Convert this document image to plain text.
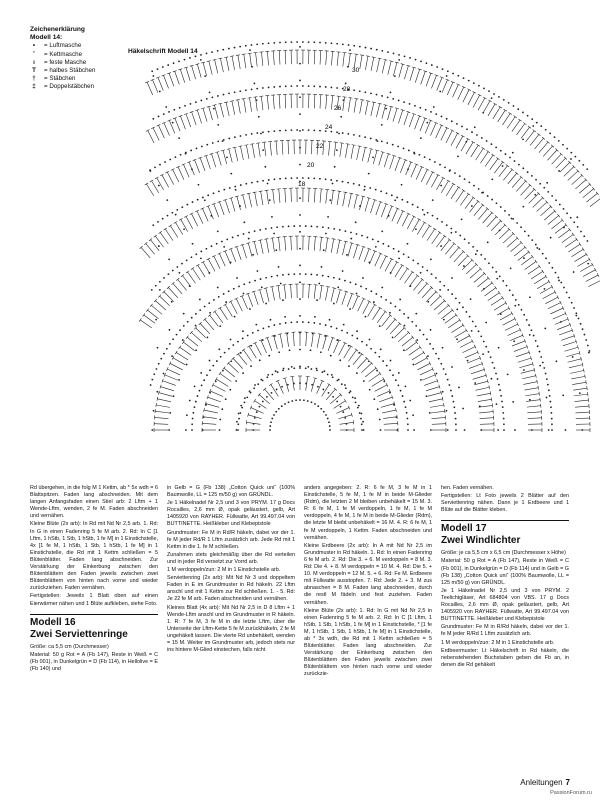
Zeichenerklärung
Modell 14:
•	= Luftmasche
˚	= Kettmasche
ı	= feste Masche
T	= halbes Stäbchen
†	= Stäbchen
‡	= Doppelstäbchen
Häkelschrift Modell 14
30
28
26
24
22
20
18

Rd übergehen, in die folg M 1 Kettm, ab * 5x wdh = 6 Blattspitzen. Faden lang abschneiden. Mit dem langen Anfangsfaden einen Stiel arb: 2 Lftm + 1 Wende-Lftm, wenden, 2 fe M. Faden abschneiden und vernähen.

Kleine Blüte (2x arb): In Rd mit Nd Nr 2,5 arb. 1. Rd: In G in einen Fadenring 5 fe M arb. 2. Rd: In C [1 Lftm, 1 hStb, 1 Stb, 1 hStb, 1 fe M] in 1 Einstichstelle, 4x [1 fe M, 1 hStb, 1 Stb, 1 hStb, 1 fe M] in 1 Einstichstelle, die Rd mit 1 Kettm schließen = 5 Blütenblätter. Faden lang abschneiden. Zur Verstärkung der Einkerbung zwischen den Blütenblättern den Faden jeweils zwischen zwei Blütenblättern von hinten nach vorne und wieder zurückziehen. Faden vernähen.

Fertigstellen: Jeweils 1 Blatt oben auf einen Eierwärmer nähen und 1 Blüte aufkleben, siehe Foto.

Modell 16
Zwei Serviettenringe

Größe: ca 5,5 cm (Durchmesser)

Material: 50 g Rot = A (Fb 147), Reste in Weiß = C (Fb 001), in Dunkelgrün = D (Fb 114), in Hellolive = E (Fb 140) und

in Gelb = G (Fb 138) „Cotton Quick uni“ (100% Baumwolle, LL = 125 m/50 g) von GRÜNDL.

Je 1 Häkelnadel Nr 2,5 und 3 von PRYM. 17 g Docs Rocailles, 2,6 mm Ø, opak geläustert, gelb, Art 1405920 von RAYHER. Füllwatte, Art 99.497.04 von BUTTINETTE. Heißkleber und Klebepistole

Grundmuster: Fe M in Rd/R häkeln, dabei vor der 1. fe M jeder Rd/R 1 Lftm zusätzlich arb. Jede Rd mit 1 Kettm in die 1. fe M schließen.

Zunahmen stets gleichmäßig über die Rd verteilen und in jeder Rd versetzt zur Vorrd arb.

1 M verdoppeln/zun: 2 M in 1 Einstichstelle arb.

Serviettenring (2x arb): Mit Nd Nr 3 und doppeltem Faden in E im Grundmuster in Rd häkeln. 22 Lftm anschl und mit 1 Kettm zur Rd schließen. 1. - 5. Rd: Je 22 fe M arb. Faden abschneiden und vernähen.

Kleines Blatt (4x arb): Mit Nd Nr 2,5 in D 8 Lftm + 1 Wende-Lftm anschl und im Grundmuster in R häkeln. 1. R: 7 fe M, 3 fe M in die letzte Lftm, über die Unterseite der Lftm-Kette 5 fe M zurückhäkeln, 2 fe M ungehäkelt lassen. Die vierte Rd unbehäkelt, wenden = 15 M. Weiter im Grundmuster arb, jedoch stets nur ins hintere M-Glied einstechen, falls nicht

anders angegeben: 2. R: 6 fe M, 3 fe M in 1 Einstichstelle, 5 fe M, 1 fe M in beide M-Glieder (Rdm), die letzten 2 M bleiben unbehäkelt = 15 M. 3. R: 6 fe M, 1 fe M verdoppeln, 1 fe M, 1 fe M verdoppeln, 4 fe M, 1 fe M in beide M-Glieder (Rdm), die letzte M bleibt unbehäkelt = 16 M. 4. R: 6 fe M, 1 fe M verdoppeln, 1 Kettm. Faden abschneiden und vernähen.

Kleine Erdbeere (2x arb): In A mit Nd Nr 2,5 im Grundmuster in Rd häkeln. 1. Rd: In einen Fadenring 6 fe M arb. 2. Rd: Die 3. + 6. M verdoppeln = 8 M. 3. Rd: Die 4. + 8. M verdoppeln = 10 M. 4. Rd: Die 5. + 10. M verdoppeln = 12 M. 5. + 6. Rd: Fe M. Erdbeere mit Füllwatte ausstopfen. 7. Rd: Jede 2. + 3. M zus abnaschen = 8 M. Faden lang abschneiden, durch die restl M fädeln und fest zuziehen. Faden vernähen.

Kleine Blüte (2x arb): 1. Rd: In G mit Nd Nr 2,5 in einen Fadenring 5 fe M arb. 2. Rd: In C [1 Lftm, 1 hStb, 1 Stb, 1 hStb, 1 fe M] in 1 Einstichstelle, * [1 fe M, 1 hStb, 1 Stb, 1 hStb, 1 fe M] in 1 Einstichstelle, ab * 3x wdh, die Rd mit 1 Kettm schließen = 5 Blütenblätter. Faden lang abschneiden. Zur Verstärkung der Einkerbung zwischen den Blütenblättern den Faden jeweils zwischen zwei Blütenblättern von hinten nach vorne und wieder zurückzie-

hen. Faden vernähen.

Fertigstellen: Lt Foto jeweils 2 Blätter auf den Serviettenring nähen. Dann je 1 Erdbeere und 1 Blüte auf die Blätter kleben.

Modell 17
Zwei Windlichter

Größe: je ca 5,5 cm x 6,5 cm (Durchmesser x Höhe)

Material: 50 g Rot = A (Fb 147), Reste in Weiß = C (Fb 001), in Dunkelgrün = D (Fb 114) und in Gelb = G (Fb 138) „Cotton Quick uni“ (100% Baumwolle, LL = 125 m/50 g) von GRÜNDL.

Je 1 Häkelnadel Nr 2,5 und 3 von PRYM. 2 Teelichtgläser, Art 684804 von VBS. 17 g Docs Rocailles, 2,6 mm Ø, opak geläustert, gelb, Art 1405920 von RAYHER. Füllwatte, Art 99.497.04 von BUTTINETTE. Heißkleber und Klebepistole

Grundmuster: Fe M in R/Rd häkeln, dabei vor der 1. fe M jeder R/Rd 1 Lftm zusätzlich arb.

1 M verdoppeln/zun: 2 M in 1 Einstichstelle arb.

Erdbeermuster: Lt Häkelschrift in Rd häkeln, die nebenstehenden Buchstaben geben die Fb an, in denen die Rd gehäkelt

Anleitungen 7
PassionForum.ru
